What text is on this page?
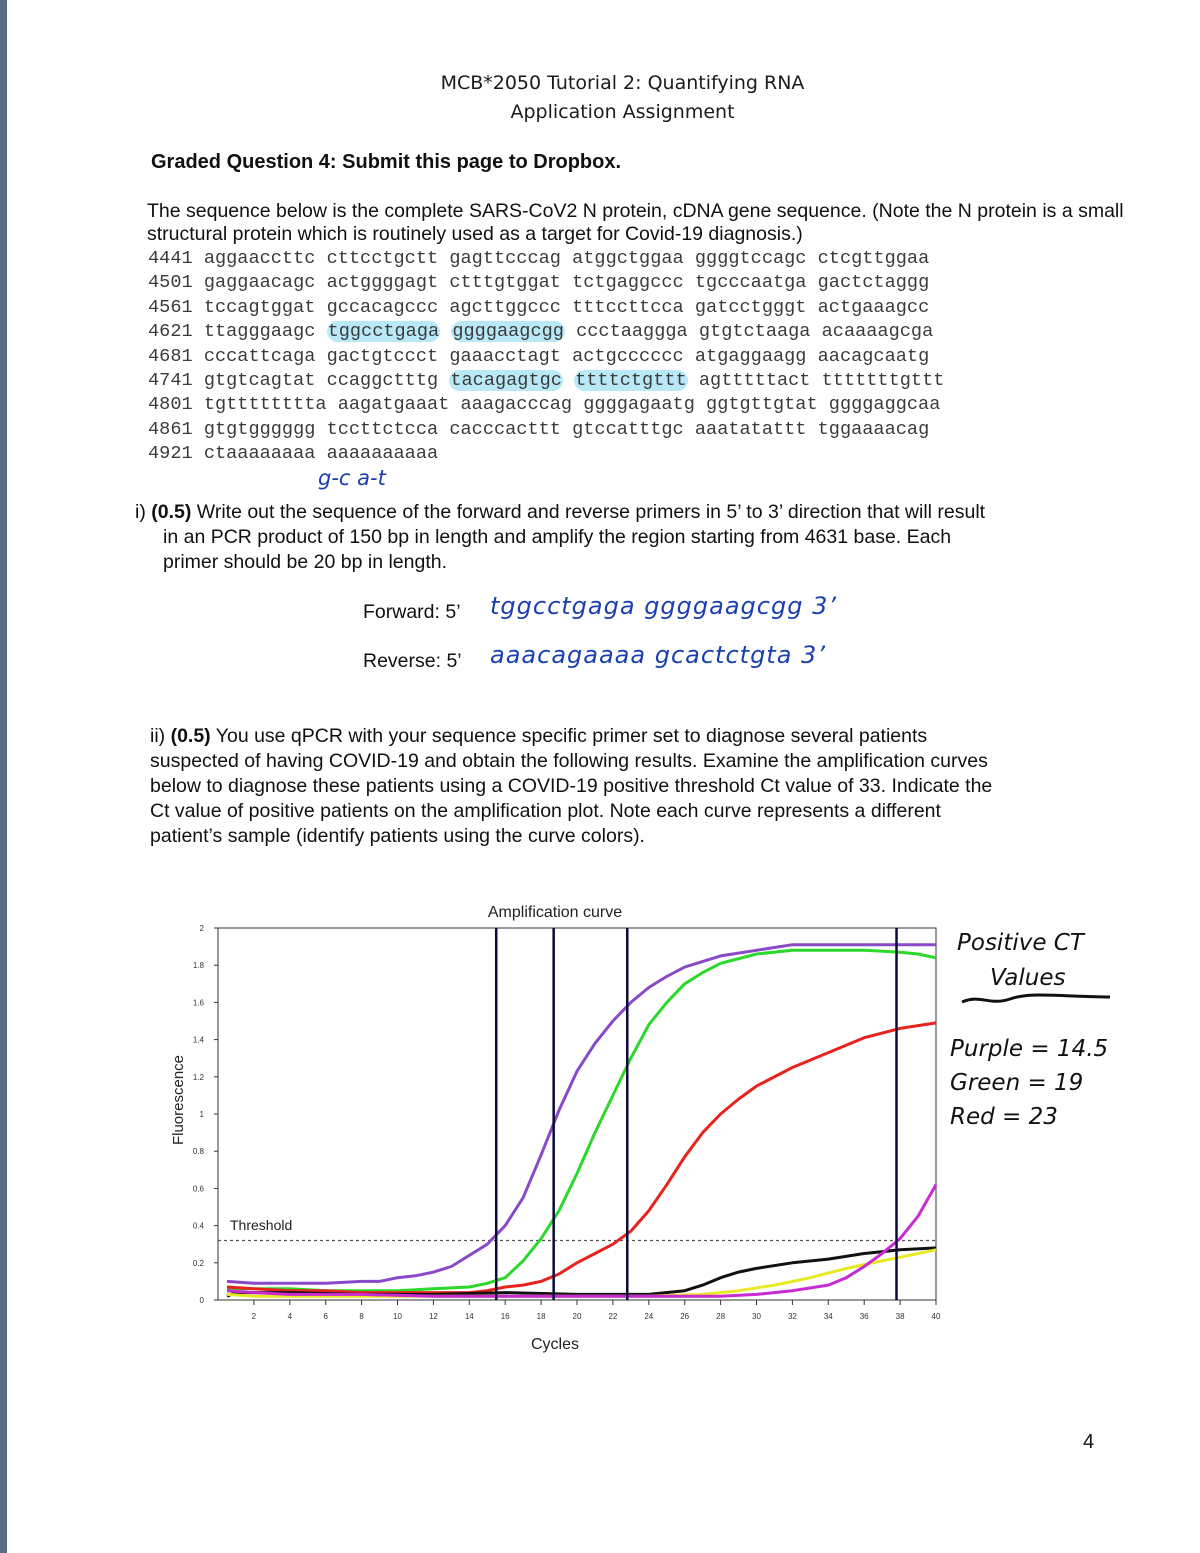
MCB*2050 Tutorial 2: Quantifying RNA
Application Assignment
Graded Question 4: Submit this page to Dropbox.
The sequence below is the complete SARS-CoV2 N protein, cDNA gene sequence. (Note the N protein is a small structural protein which is routinely used as a target for Covid-19 diagnosis.)
4441 aggaaccttc cttcctgctt gagttcccag atggctggaa ggggtccagc ctcgttggaa
4501 gaggaacagc actggggagt ctttgtggat tctgaggccc tgcccaatga gactctaggg
4561 tccagtggat gccacagccc agcttggccc tttccttcca gatcctgggt actgaaagcc
4621 ttagggaagc tggcctgaga ggggaagcgg ccctaaggga gtgtctaaga acaaaagcga
4681 cccattcaga gactgtccct gaaacctagt actgcccccc atgaggaagg aacagcaatg
4741 gtgtcagtat ccaggctttg tacagagtgc ttttctgttt agtttttact tttttttgttt
4801 tgtttttttta aagatgaaat aaagacccag ggggagaatg ggtgttgtat ggggaggcaa
4861 gtgtgggggg tccttctcca cacccacttt gtccatttgc aaatatattt tggaaaacag
4921 ctaaaaaaaa aaaaaaaaaa
g-c a-t
i) (0.5) Write out the sequence of the forward and reverse primers in 5’ to 3’ direction that will result
in an PCR product of 150 bp in length and amplify the region starting from 4631 base. Each
primer should be 20 bp in length.
Forward: 5’ tggcctgaga ggggaagcgg 3’
Reverse: 5’ aaacagaaaa gcactctgta 3’
ii) (0.5) You use qPCR with your sequence specific primer set to diagnose several patients
suspected of having COVID-19 and obtain the following results. Examine the amplification curves
below to diagnose these patients using a COVID-19 positive threshold Ct value of 33. Indicate the
Ct value of positive patients on the amplification plot. Note each curve represents a different
patient’s sample (identify patients using the curve colors).
Amplification curve
Cycles
Fluorescence
Threshold
2	4	6	8	10	12	14	16	18	20	22	24	26	28	30	32	34	36	38	40
0
0.2
0.4
0.6
0.8
1
1.2
1.4
1.6
1.8
2
Positive CT
Values
Purple = 14.5
Green = 19
Red = 23
4
